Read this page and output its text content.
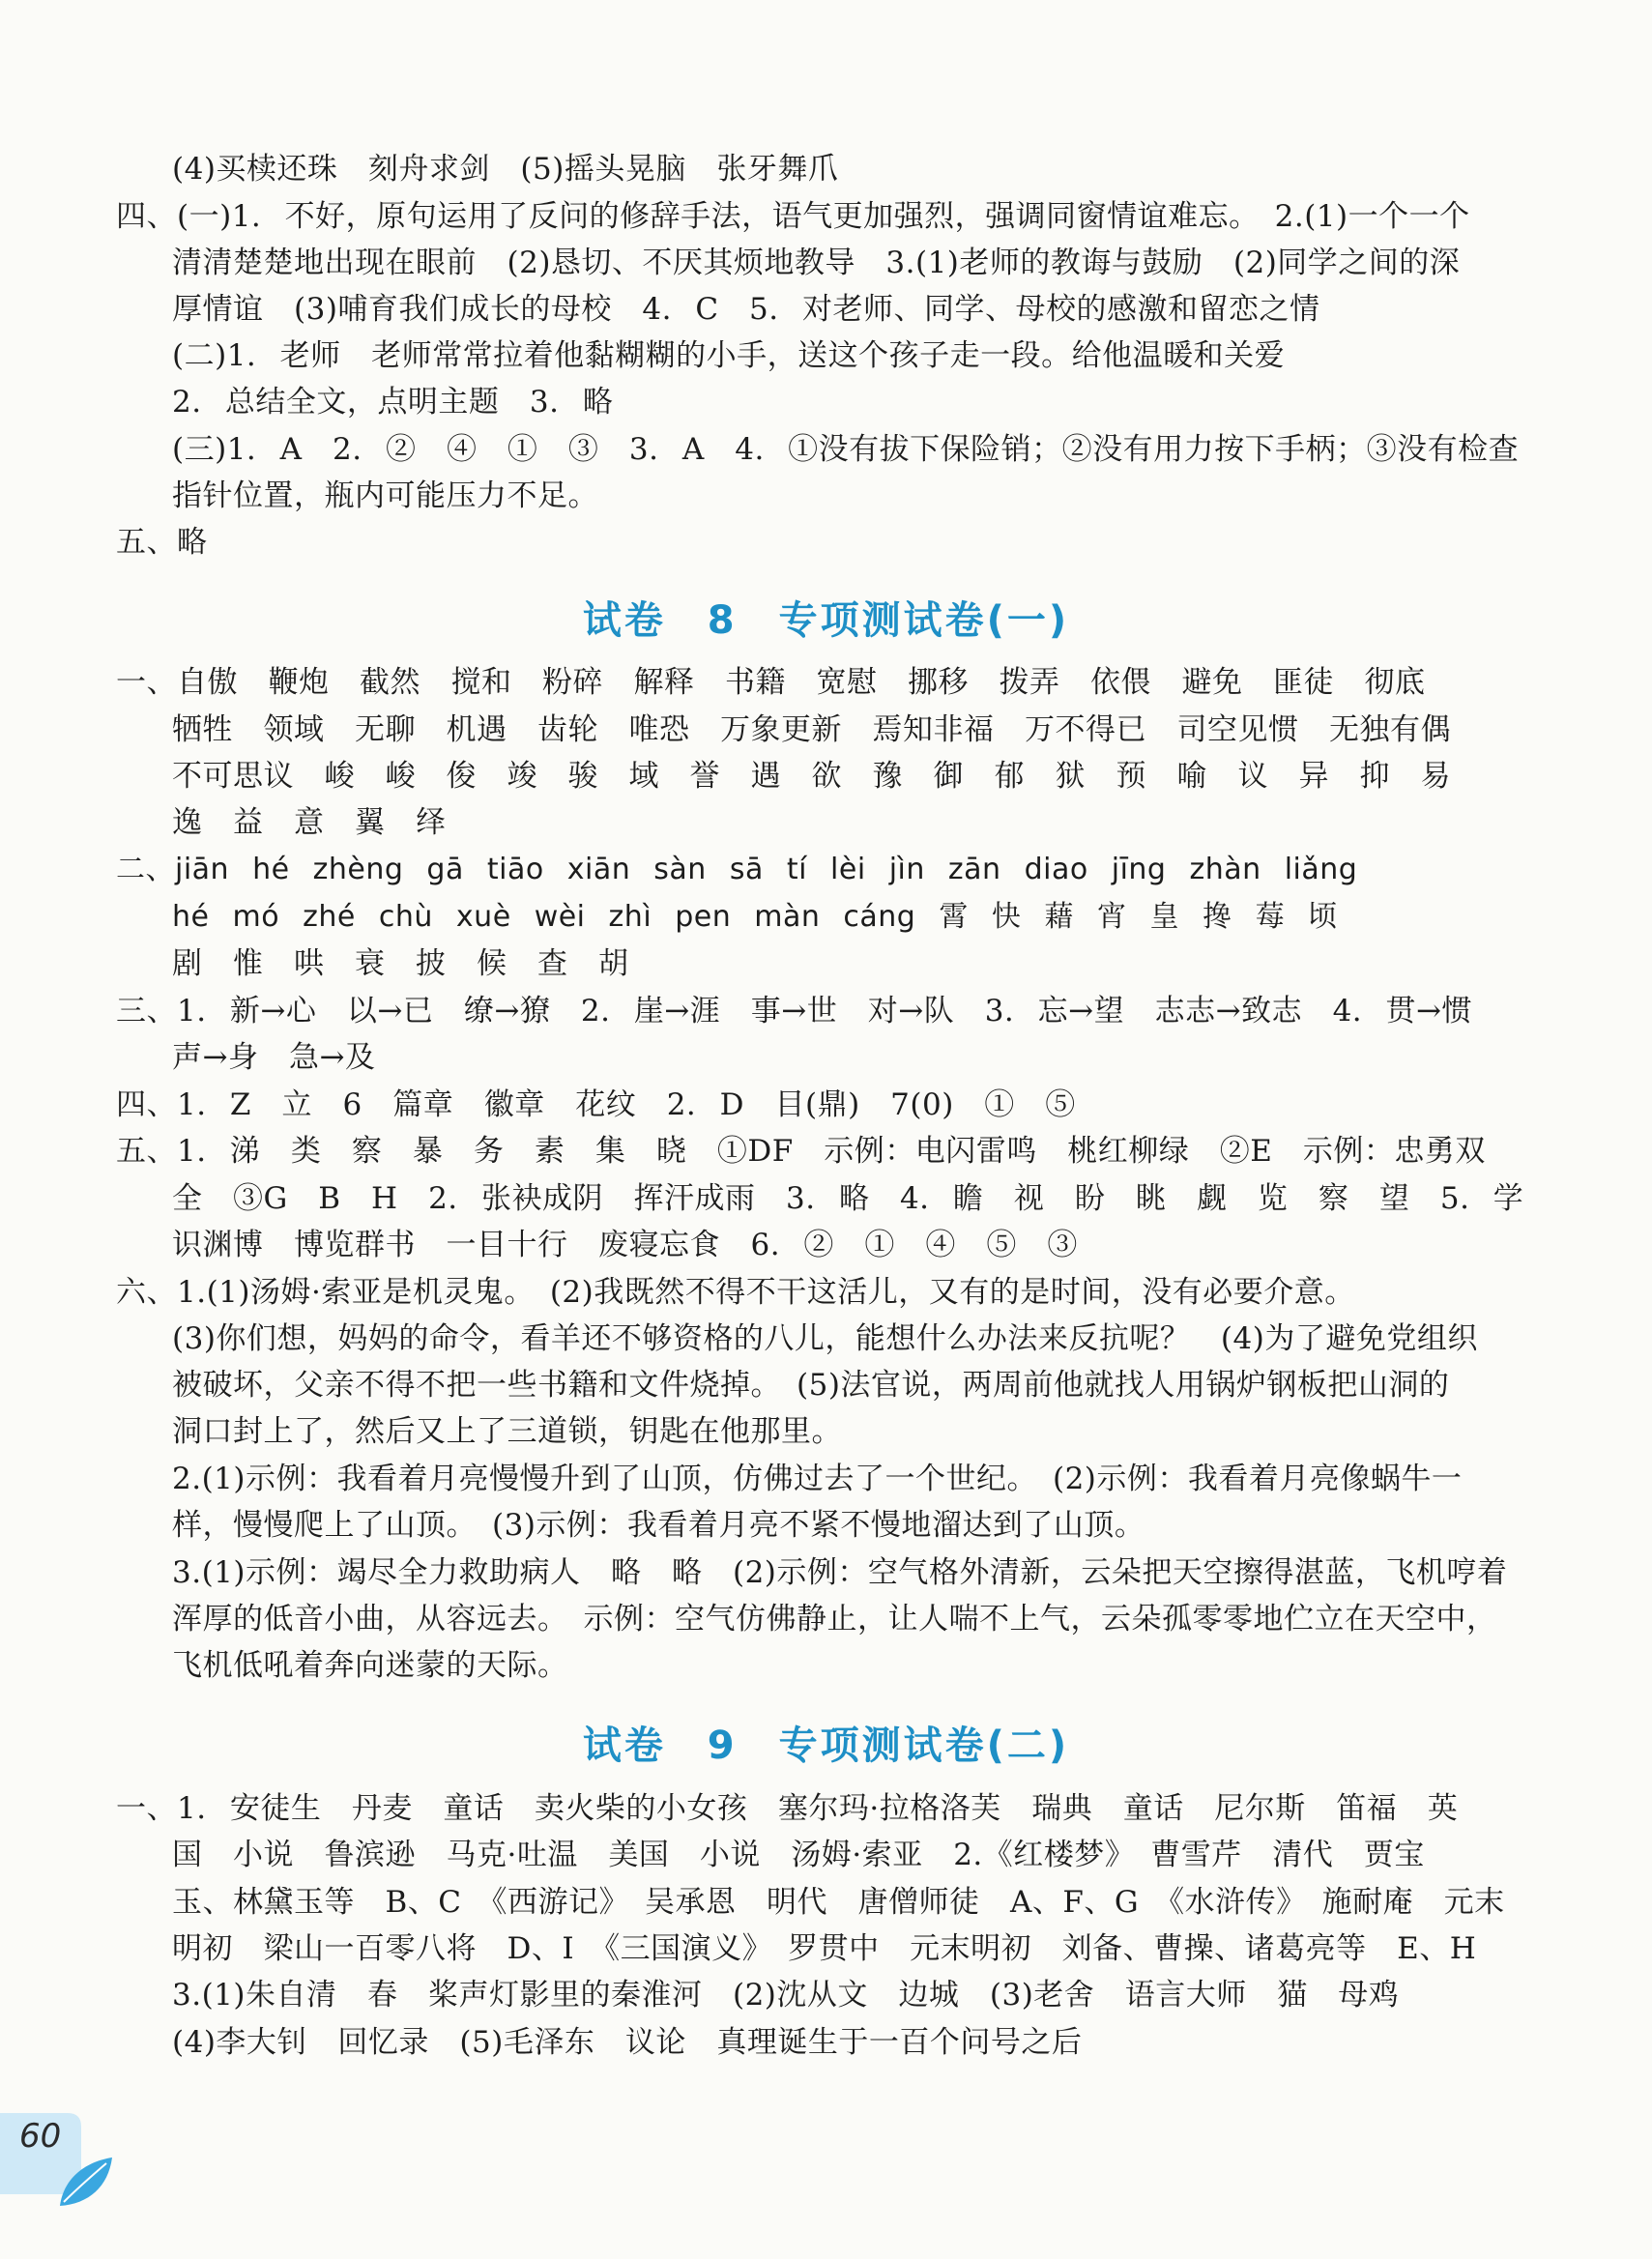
(4)买椟还珠　刻舟求剑　(5)摇头晃脑　张牙舞爪
四、(一)1. 不好，原句运用了反问的修辞手法，语气更加强烈，强调同窗情谊难忘。　2.(1)一个一个
清清楚楚地出现在眼前　(2)恳切、不厌其烦地教导　3.(1)老师的教诲与鼓励　(2)同学之间的深
厚情谊　(3)哺育我们成长的母校　4. C　5. 对老师、同学、母校的感激和留恋之情
(二)1. 老师　老师常常拉着他黏糊糊的小手，送这个孩子走一段。给他温暖和关爱
2. 总结全文，点明主题　3. 略
(三)1. A　2. ②　④　①　③　3. A　4. ①没有拔下保险销；②没有用力按下手柄；③没有检查
指针位置，瓶内可能压力不足。
五、略
试卷 8　专项测试卷(一)
一、自傲　鞭炮　截然　搅和　粉碎　解释　书籍　宽慰　挪移　拨弄　依偎　避免　匪徒　彻底
牺牲　领域　无聊　机遇　齿轮　唯恐　万象更新　焉知非福　万不得已　司空见惯　无独有偶
不可思议　峻　峻　俊　竣　骏　域　誉　遇　欲　豫　御　郁　狱　预　喻　议　异　抑　易
逸　益　意　翼　绎
二、jiān hé zhèng gā tiāo xiān sàn sā tí lèi jìn zān diao jīng zhàn liǎng
hé mó zhé chù xuè wèi zhì pen màn cáng 霄 快 藉 宵 皇 搀 莓 顷
剧　惟　哄　衰　披　候　查　胡
三、1. 新→心　以→已　缭→獠　2. 崖→涯　事→世　对→队　3. 忘→望　志志→致志　4. 贯→惯
声→身　急→及
四、1. Z　立　6　篇章　徽章　花纹　2. D　目(鼎)　7(0)　①　⑤
五、1. 涕　类　察　暴　务　素　集　晓　①DF　示例：电闪雷鸣　桃红柳绿　②E　示例：忠勇双
全　③G　B　H　2. 张袂成阴　挥汗成雨　3. 略　4. 瞻　视　盼　眺　觑　览　察　望　5. 学
识渊博　博览群书　一目十行　废寝忘食　6. ②　①　④　⑤　③
六、1.(1)汤姆·索亚是机灵鬼。　(2)我既然不得不干这活儿，又有的是时间，没有必要介意。
(3)你们想，妈妈的命令，看羊还不够资格的八儿，能想什么办法来反抗呢？　(4)为了避免党组织
被破坏，父亲不得不把一些书籍和文件烧掉。　(5)法官说，两周前他就找人用锅炉钢板把山洞的
洞口封上了，然后又上了三道锁，钥匙在他那里。
2.(1)示例：我看着月亮慢慢升到了山顶，仿佛过去了一个世纪。　(2)示例：我看着月亮像蜗牛一
样，慢慢爬上了山顶。　(3)示例：我看着月亮不紧不慢地溜达到了山顶。
3.(1)示例：竭尽全力救助病人　略　略　(2)示例：空气格外清新，云朵把天空擦得湛蓝，飞机哼着
浑厚的低音小曲，从容远去。　示例：空气仿佛静止，让人喘不上气，云朵孤零零地伫立在天空中，
飞机低吼着奔向迷蒙的天际。
试卷 9　专项测试卷(二)
一、1. 安徒生　丹麦　童话　卖火柴的小女孩　塞尔玛·拉格洛芙　瑞典　童话　尼尔斯　笛福　英
国　小说　鲁滨逊　马克·吐温　美国　小说　汤姆·索亚　2.《红楼梦》　曹雪芹　清代　贾宝
玉、林黛玉等　B、C　《西游记》　吴承恩　明代　唐僧师徒　A、F、G　《水浒传》　施耐庵　元末
明初　梁山一百零八将　D、I　《三国演义》　罗贯中　元末明初　刘备、曹操、诸葛亮等　E、H
3.(1)朱自清　春　桨声灯影里的秦淮河　(2)沈从文　边城　(3)老舍　语言大师　猫　母鸡
(4)李大钊　回忆录　(5)毛泽东　议论　真理诞生于一百个问号之后
60
